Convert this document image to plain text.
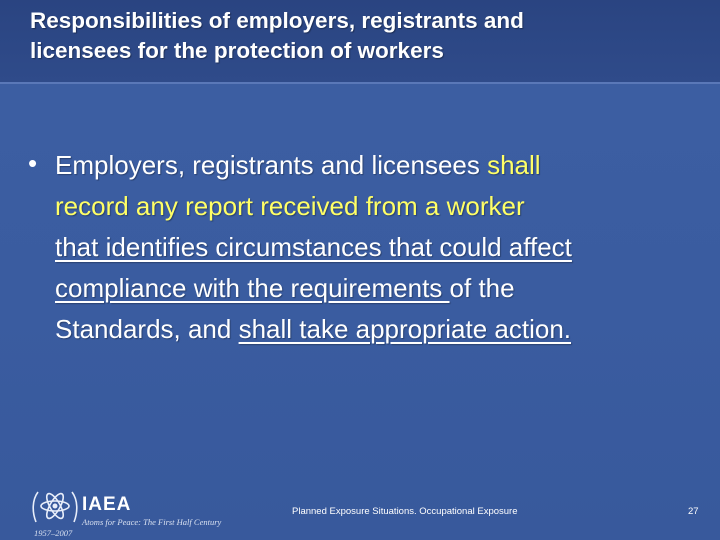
Responsibilities of employers, registrants and
licensees for the protection of workers
• Employers, registrants and licensees shall
record any report received from a worker
that identifies circumstances that could affect
compliance with the requirements of the
Standards, and shall take appropriate action.
IAEA
Atoms for Peace: The First Half Century
1957–2007
Planned Exposure Situations. Occupational Exposure	27
